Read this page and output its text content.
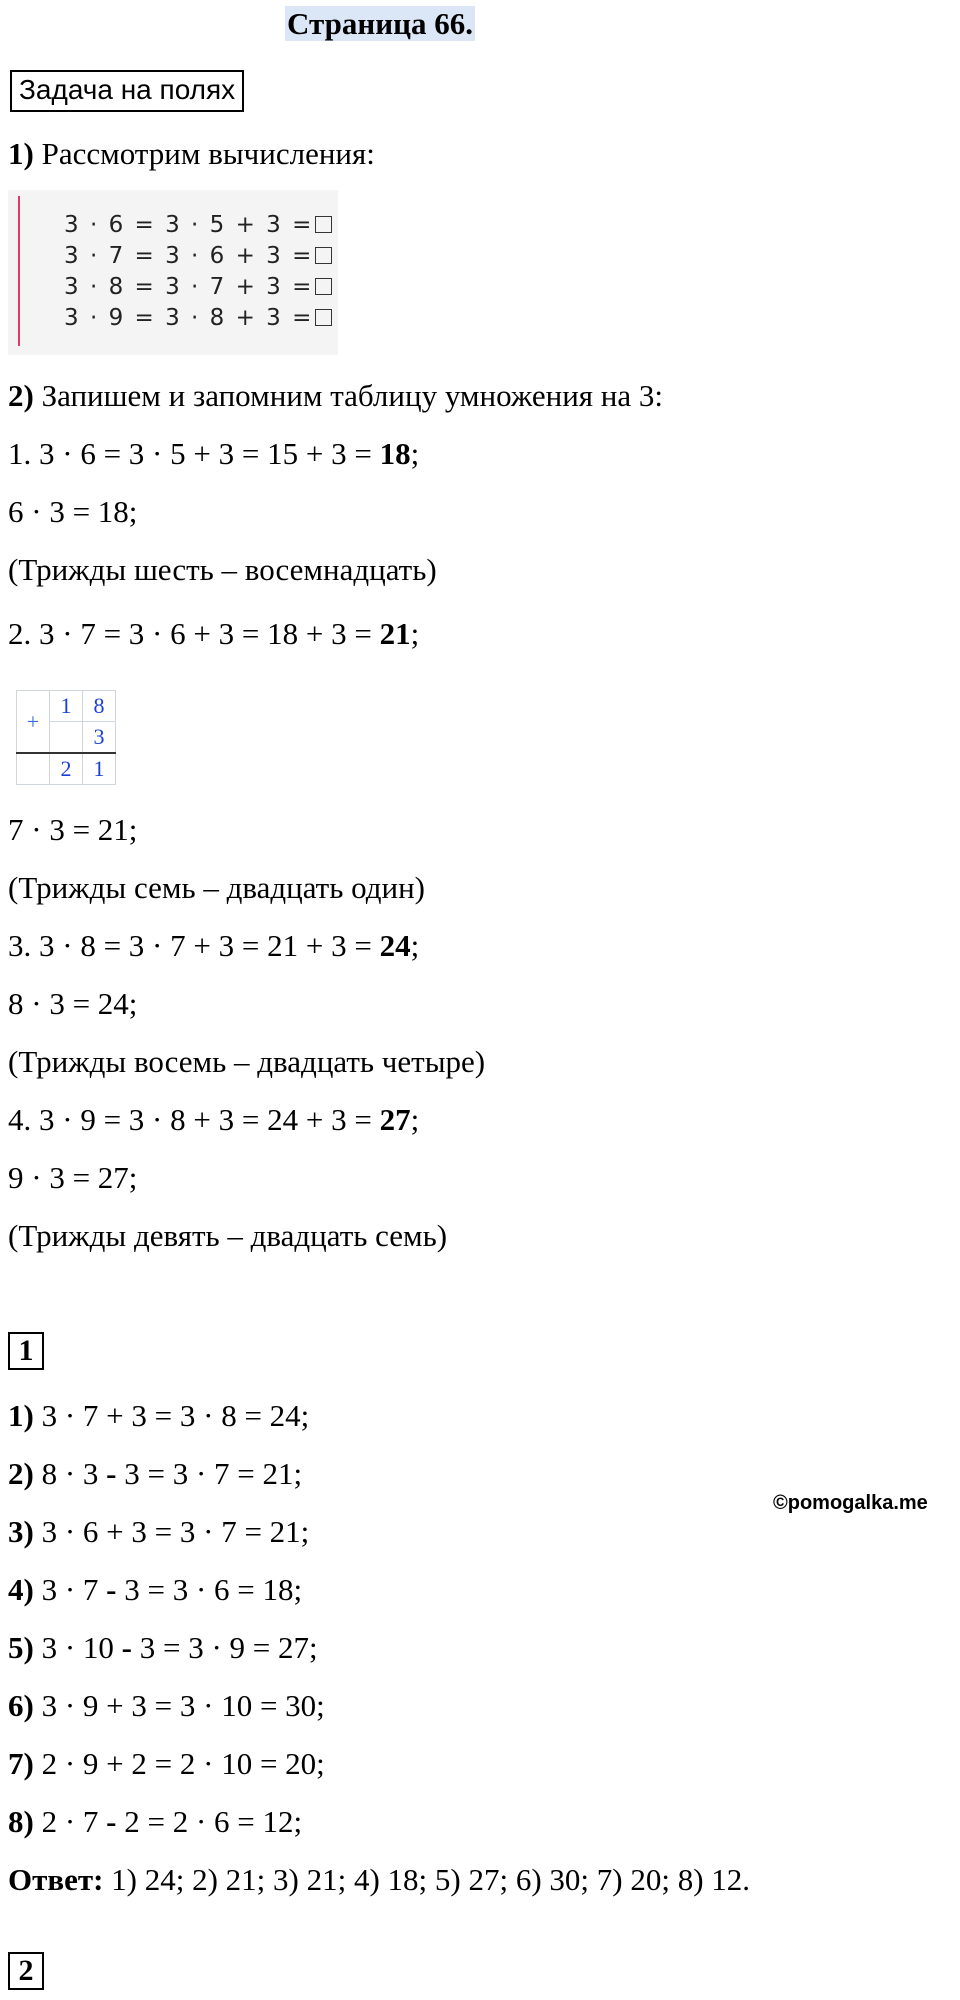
Страница 66.
Задача на полях
1) Рассмотрим вычисления:
3 · 6 = 3 · 5 + 3 =
3 · 7 = 3 · 6 + 3 =
3 · 8 = 3 · 7 + 3 =
3 · 9 = 3 · 8 + 3 =
2) Запишем и запомним таблицу умножения на 3:
1. 3 · 6 = 3 · 5 + 3 = 15 + 3 = 18;
6 · 3 = 18;
(Трижды шесть – восемнадцать)
2. 3 · 7 = 3 · 6 + 3 = 18 + 3 = 21;
+	1	8
		3
	2	1
7 · 3 = 21;
(Трижды семь – двадцать один)
3. 3 · 8 = 3 · 7 + 3 = 21 + 3 = 24;
8 · 3 = 24;
(Трижды восемь – двадцать четыре)
4. 3 · 9 = 3 · 8 + 3 = 24 + 3 = 27;
9 · 3 = 27;
(Трижды девять – двадцать семь)
1
1) 3 · 7 + 3 = 3 · 8 = 24;
2) 8 · 3 - 3 = 3 · 7 = 21;
3) 3 · 6 + 3 = 3 · 7 = 21;
4) 3 · 7 - 3 = 3 · 6 = 18;
5) 3 · 10 - 3 = 3 · 9 = 27;
6) 3 · 9 + 3 = 3 · 10 = 30;
7) 2 · 9 + 2 = 2 · 10 = 20;
8) 2 · 7 - 2 = 2 · 6 = 12;
Ответ: 1) 24; 2) 21; 3) 21; 4) 18; 5) 27; 6) 30; 7) 20; 8) 12.
2
©pomogalka.me
